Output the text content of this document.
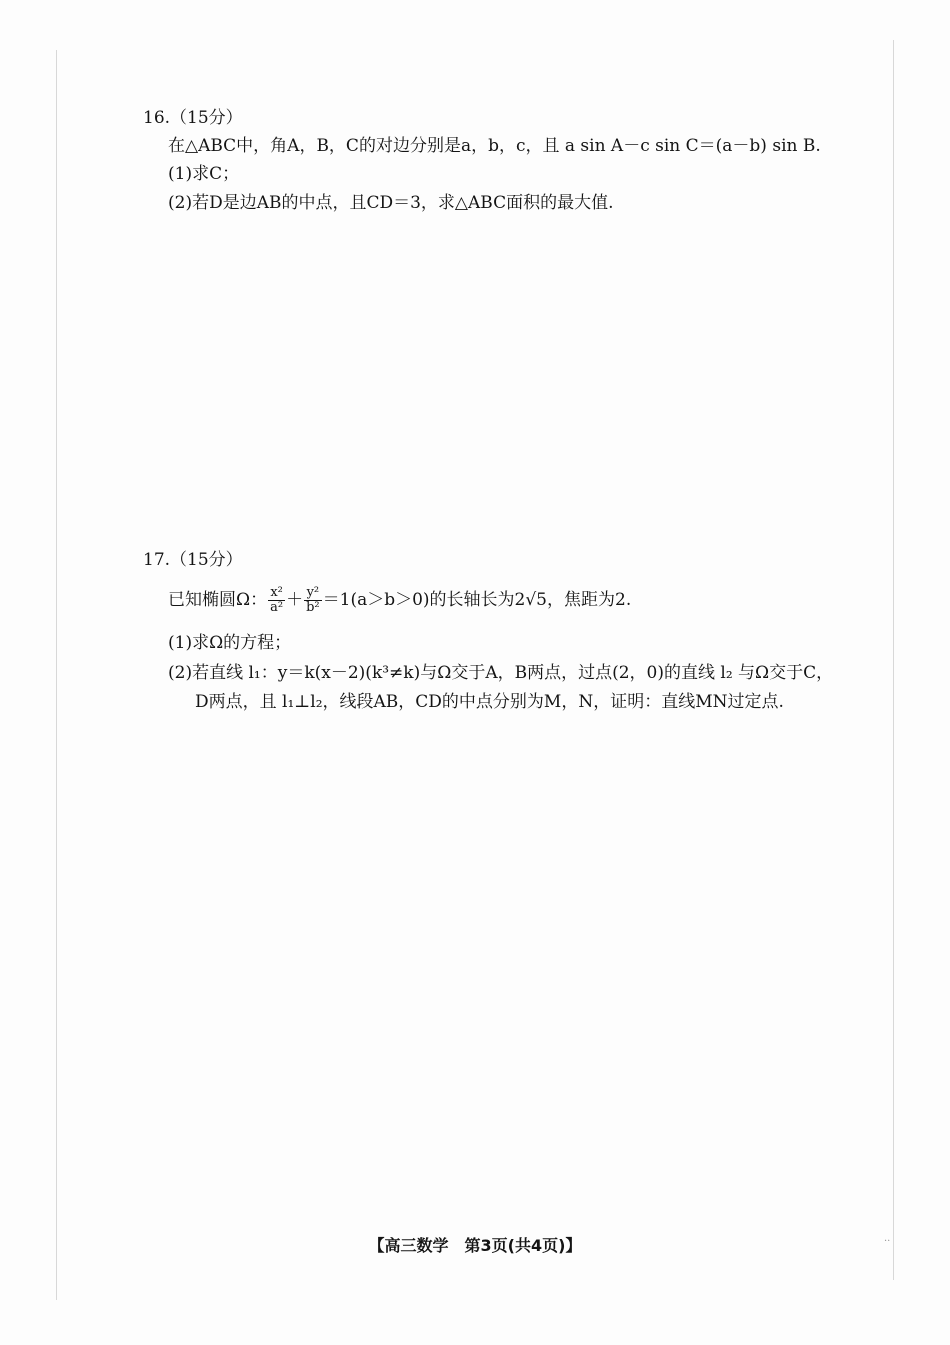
16.（15分）
在△ABC中，角A，B，C的对边分别是a，b，c，且 a sin A－c sin C＝(a－b) sin B.
(1)求C；
(2)若D是边AB的中点，且CD＝3，求△ABC面积的最大值.
17.（15分）
已知椭圆Ω： $\frac{\text{x²}}{\text{a²}} + \frac{\text{y²}}{\text{b²}} =1(a>b>0)$的长轴长为2√5，焦距为2.
(1)求Ω的方程；
(2)若直线 l₁：y＝k(x－2)(k³≠k)与Ω交于A，B两点，过点(2，0)的直线 l₂ 与Ω交于C，
D两点，且 l₁⊥l₂，线段AB，CD的中点分别为M，N，证明：直线MN过定点.
【高三数学　第3页(共4页)】	··
